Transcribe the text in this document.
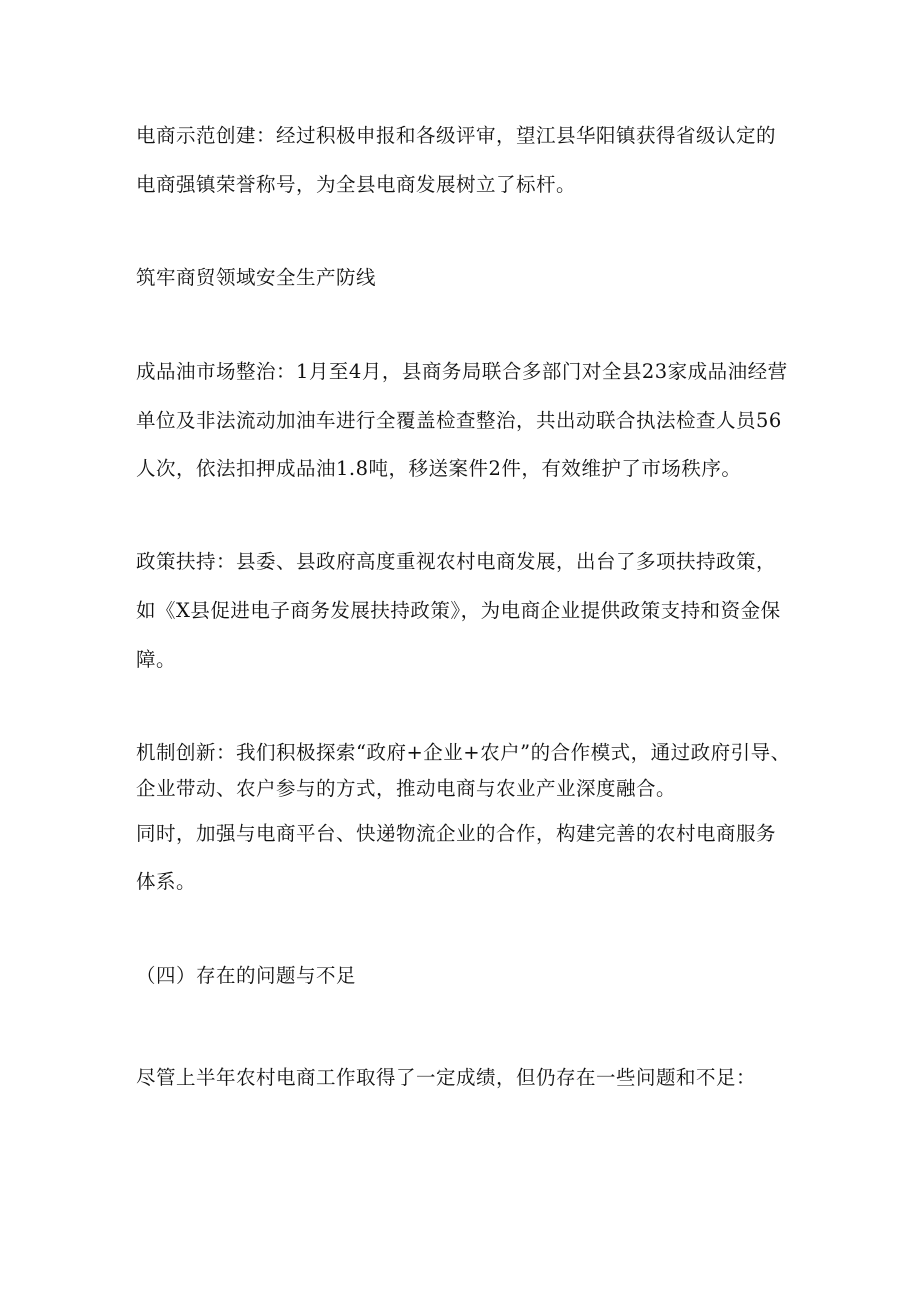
电商示范创建：经过积极申报和各级评审，望江县华阳镇获得省级认定的

电商强镇荣誉称号，为全县电商发展树立了标杆。

筑牢商贸领域安全生产防线

成品油市场整治：1月至4月，县商务局联合多部门对全县23家成品油经营

单位及非法流动加油车进行全覆盖检查整治，共出动联合执法检查人员56

人次，依法扣押成品油1.8吨，移送案件2件，有效维护了市场秩序。

政策扶持：县委、县政府高度重视农村电商发展，出台了多项扶持政策，

如《X县促进电子商务发展扶持政策》，为电商企业提供政策支持和资金保

障。

机制创新：我们积极探索“政府+企业+农户”的合作模式，通过政府引导、

企业带动、农户参与的方式，推动电商与农业产业深度融合。

同时，加强与电商平台、快递物流企业的合作，构建完善的农村电商服务

体系。

（四）存在的问题与不足

尽管上半年农村电商工作取得了一定成绩，但仍存在一些问题和不足：
